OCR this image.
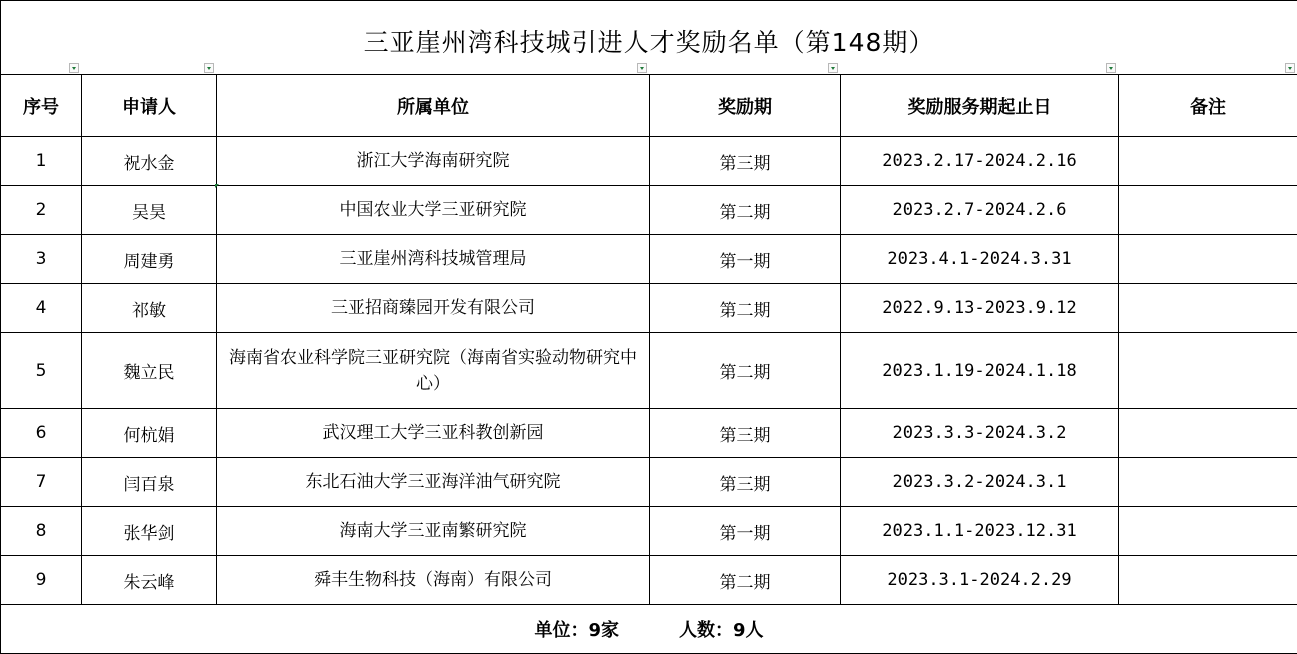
三亚崖州湾科技城引进人才奖励名单（第148期）					

序号	申请人	所属单位	奖励期	奖励服务期起止日	备注
1	祝水金	浙江大学海南研究院	第三期	2023.2.17-2024.2.16	
2	吴昊	中国农业大学三亚研究院	第二期	2023.2.7-2024.2.6	
3	周建勇	三亚崖州湾科技城管理局	第一期	2023.4.1-2024.3.31	
4	祁敏	三亚招商臻园开发有限公司	第二期	2022.9.13-2023.9.12	
5	魏立民	海南省农业科学院三亚研究院（海南省实验动物研究中心）	第二期	2023.1.19-2024.1.18	
6	何杭娟	武汉理工大学三亚科教创新园	第三期	2023.3.3-2024.3.2	
7	闫百泉	东北石油大学三亚海洋油气研究院	第三期	2023.3.2-2024.3.1	
8	张华剑	海南大学三亚南繁研究院	第一期	2023.1.1-2023.12.31	
9	朱云峰	舜丰生物科技（海南）有限公司	第二期	2023.3.1-2024.2.29	
单位：9家 人数：9人					
